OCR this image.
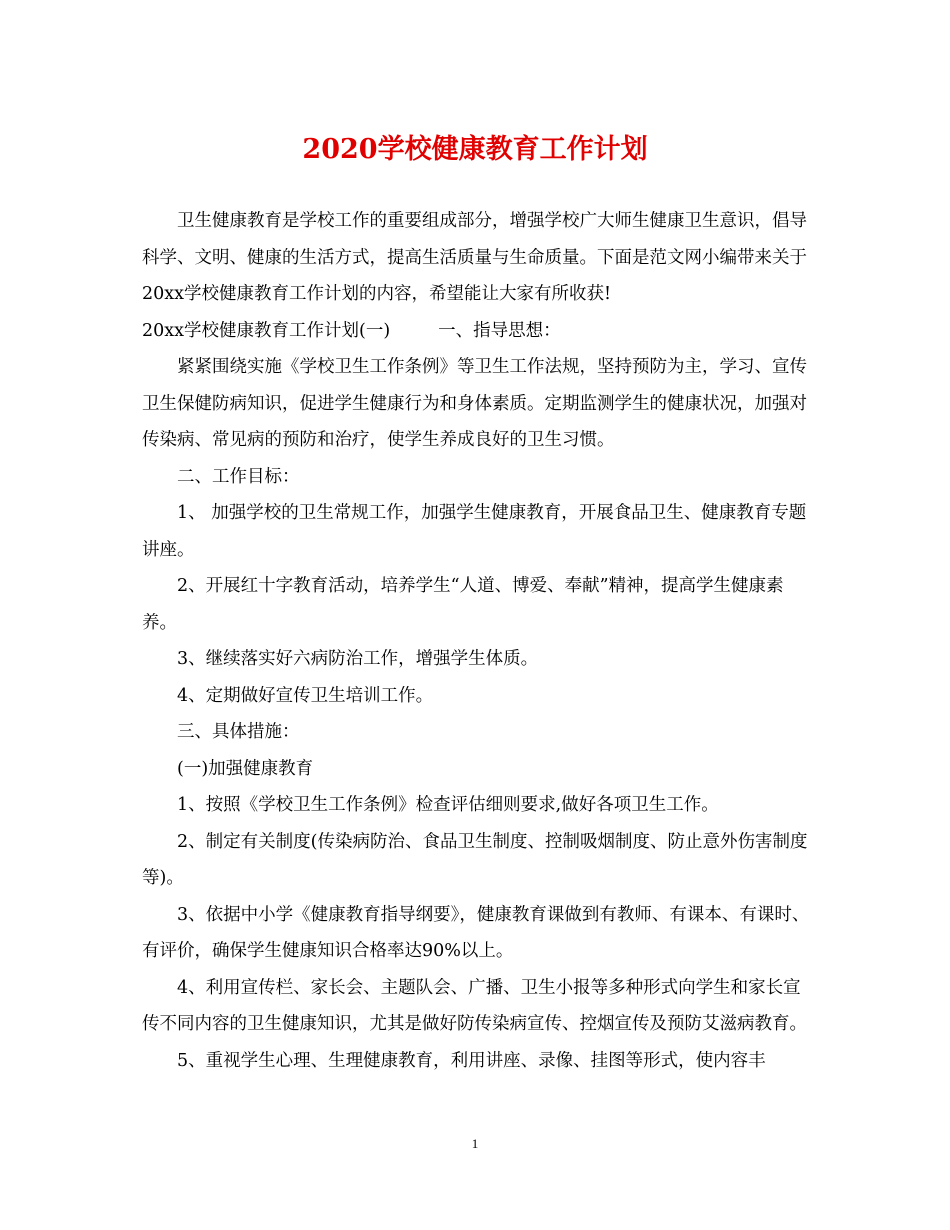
2020学校健康教育工作计划

卫生健康教育是学校工作的重要组成部分，增强学校广大师生健康卫生意识，倡导科学、文明、健康的生活方式，提高生活质量与生命质量。下面是范文网小编带来关于20xx学校健康教育工作计划的内容，希望能让大家有所收获!

20xx学校健康教育工作计划(一)	一、指导思想：

紧紧围绕实施《学校卫生工作条例》等卫生工作法规，坚持预防为主，学习、宣传卫生保健防病知识，促进学生健康行为和身体素质。定期监测学生的健康状况，加强对传染病、常见病的预防和治疗，使学生养成良好的卫生习惯。

二、工作目标：

1、 加强学校的卫生常规工作，加强学生健康教育，开展食品卫生、健康教育专题讲座。

2、开展红十字教育活动，培养学生“人道、博爱、奉献”精神，提高学生健康素养。

3、继续落实好六病防治工作，增强学生体质。

4、定期做好宣传卫生培训工作。

三、具体措施：

(一)加强健康教育

1、按照《学校卫生工作条例》检查评估细则要求,做好各项卫生工作。

2、制定有关制度(传染病防治、食品卫生制度、控制吸烟制度、防止意外伤害制度等)。

3、依据中小学《健康教育指导纲要》，健康教育课做到有教师、有课本、有课时、有评价，确保学生健康知识合格率达90%以上。

4、利用宣传栏、家长会、主题队会、广播、卫生小报等多种形式向学生和家长宣传不同内容的卫生健康知识，尤其是做好防传染病宣传、控烟宣传及预防艾滋病教育。

5、重视学生心理、生理健康教育，利用讲座、录像、挂图等形式，使内容丰

1
